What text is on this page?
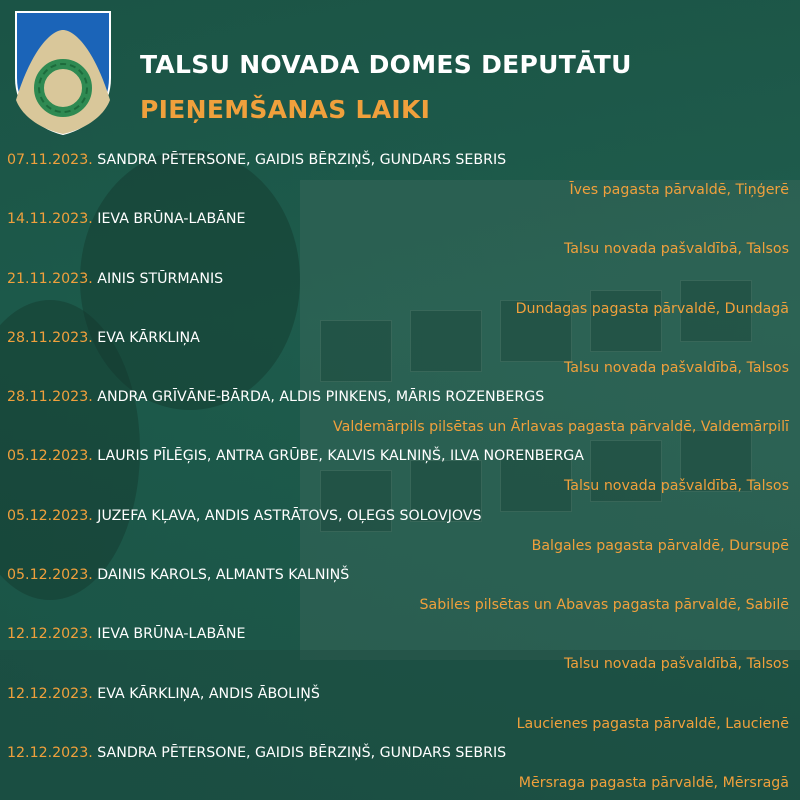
TALSU NOVADA DOMES DEPUTĀTU
PIEŅEMŠANAS LAIKI
07.11.2023. SANDRA PĒTERSONE, GAIDIS BĒRZIŅŠ, GUNDARS SEBRIS
Īves pagasta pārvaldē, Tiņģerē
14.11.2023. IEVA BRŪNA-LABĀNE
Talsu novada pašvaldībā, Talsos
21.11.2023. AINIS STŪRMANIS
Dundagas pagasta pārvaldē, Dundagā
28.11.2023. EVA KĀRKLIŅA
Talsu novada pašvaldībā, Talsos
28.11.2023. ANDRA GRĪVĀNE-BĀRDA, ALDIS PINKENS, MĀRIS ROZENBERGS
Valdemārpils pilsētas un Ārlavas pagasta pārvaldē, Valdemārpilī
05.12.2023. LAURIS PĪLĒĢIS, ANTRA GRŪBE, KALVIS KALNIŅŠ, ILVA NORENBERGA
Talsu novada pašvaldībā, Talsos
05.12.2023. JUZEFA KĻAVA, ANDIS ASTRĀTOVS, OĻEGS SOLOVJOVS
Balgales pagasta pārvaldē, Dursupē
05.12.2023. DAINIS KAROLS, ALMANTS KALNIŅŠ
Sabiles pilsētas un Abavas pagasta pārvaldē, Sabilē
12.12.2023. IEVA BRŪNA-LABĀNE
Talsu novada pašvaldībā, Talsos
12.12.2023. EVA KĀRKLIŅA, ANDIS ĀBOLIŅŠ
Laucienes pagasta pārvaldē, Laucienē
12.12.2023. SANDRA PĒTERSONE, GAIDIS BĒRZIŅŠ, GUNDARS SEBRIS
Mērsraga pagasta pārvaldē, Mērsragā
